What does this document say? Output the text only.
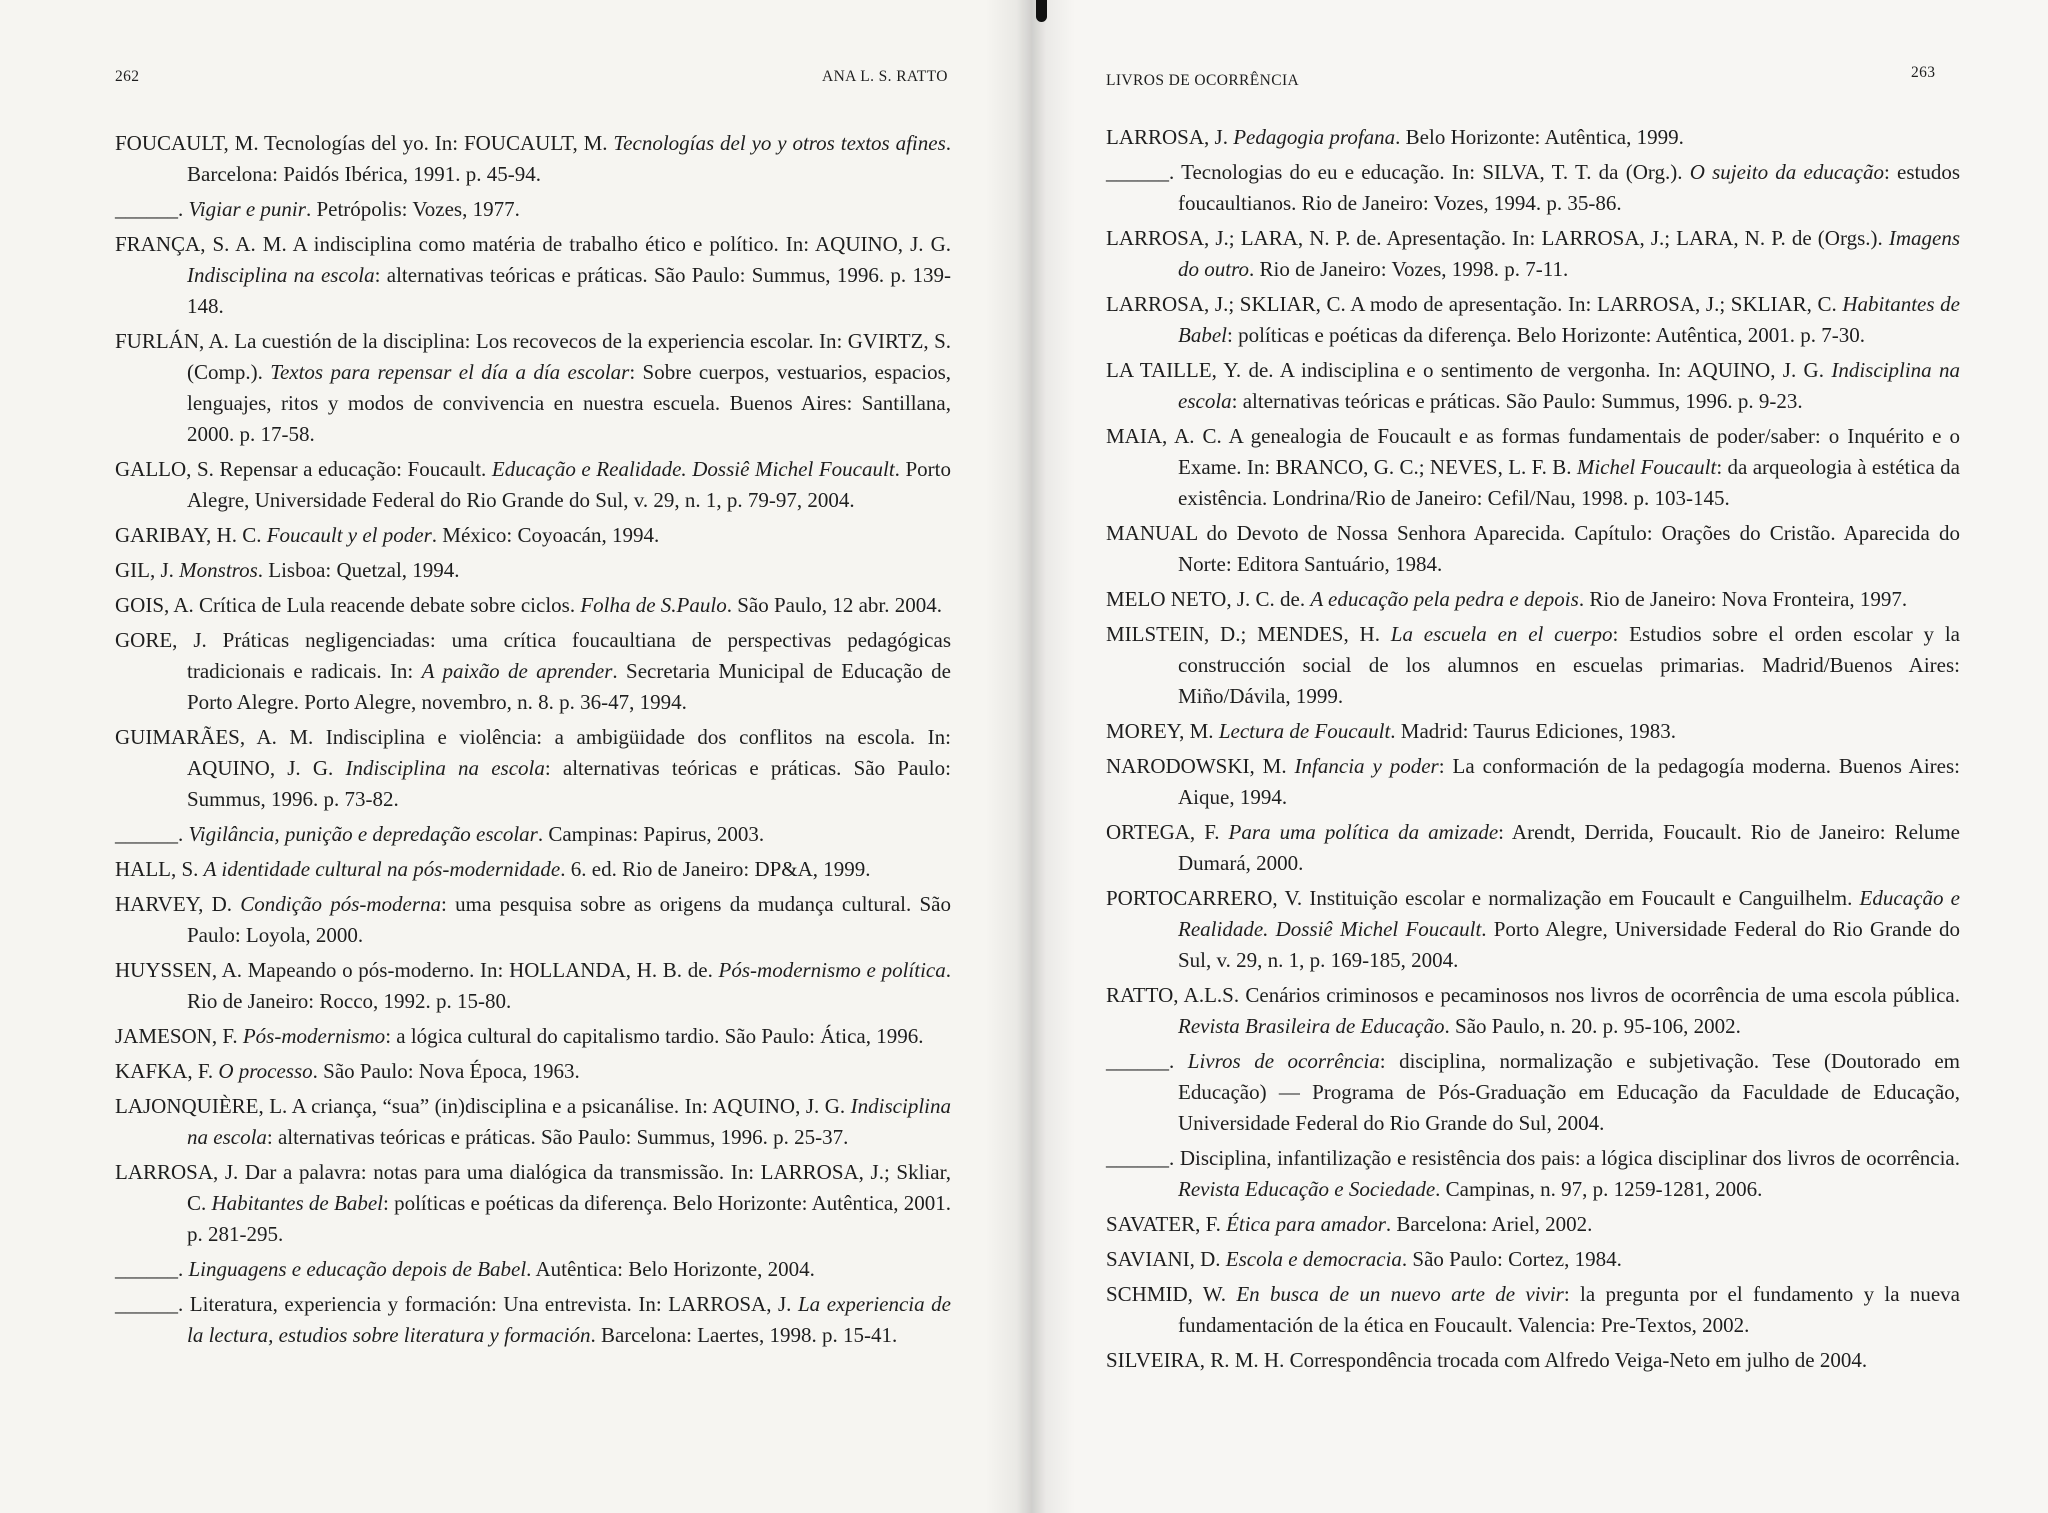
262	ANA L. S. RATTO
FOUCAULT, M. Tecnologías del yo. In: FOUCAULT, M. Tecnologías del yo y otros textos afines. Barcelona: Paidós Ibérica, 1991. p. 45-94.
______. Vigiar e punir. Petrópolis: Vozes, 1977.
FRANÇA, S. A. M. A indisciplina como matéria de trabalho ético e político. In: AQUINO, J. G. Indisciplina na escola: alternativas teóricas e práticas. São Paulo: Summus, 1996. p. 139-148.
FURLÁN, A. La cuestión de la disciplina: Los recovecos de la experiencia escolar. In: GVIRTZ, S. (Comp.). Textos para repensar el día a día escolar: Sobre cuerpos, vestuarios, espacios, lenguajes, ritos y modos de convivencia en nuestra escuela. Buenos Aires: Santillana, 2000. p. 17-58.
GALLO, S. Repensar a educação: Foucault. Educação e Realidade. Dossiê Michel Foucault. Porto Alegre, Universidade Federal do Rio Grande do Sul, v. 29, n. 1, p. 79-97, 2004.
GARIBAY, H. C. Foucault y el poder. México: Coyoacán, 1994.
GIL, J. Monstros. Lisboa: Quetzal, 1994.
GOIS, A. Crítica de Lula reacende debate sobre ciclos. Folha de S.Paulo. São Paulo, 12 abr. 2004.
GORE, J. Práticas negligenciadas: uma crítica foucaultiana de perspectivas pedagógicas tradicionais e radicais. In: A paixão de aprender. Secretaria Municipal de Educação de Porto Alegre. Porto Alegre, novembro, n. 8. p. 36-47, 1994.
GUIMARÃES, A. M. Indisciplina e violência: a ambigüidade dos conflitos na escola. In: AQUINO, J. G. Indisciplina na escola: alternativas teóricas e práticas. São Paulo: Summus, 1996. p. 73-82.
______. Vigilância, punição e depredação escolar. Campinas: Papirus, 2003.
HALL, S. A identidade cultural na pós-modernidade. 6. ed. Rio de Janeiro: DP&A, 1999.
HARVEY, D. Condição pós-moderna: uma pesquisa sobre as origens da mudança cultural. São Paulo: Loyola, 2000.
HUYSSEN, A. Mapeando o pós-moderno. In: HOLLANDA, H. B. de. Pós-modernismo e política. Rio de Janeiro: Rocco, 1992. p. 15-80.
JAMESON, F. Pós-modernismo: a lógica cultural do capitalismo tardio. São Paulo: Ática, 1996.
KAFKA, F. O processo. São Paulo: Nova Época, 1963.
LAJONQUIÈRE, L. A criança, “sua” (in)disciplina e a psicanálise. In: AQUINO, J. G. Indisciplina na escola: alternativas teóricas e práticas. São Paulo: Summus, 1996. p. 25-37.
LARROSA, J. Dar a palavra: notas para uma dialógica da transmissão. In: LARROSA, J.; Skliar, C. Habitantes de Babel: políticas e poéticas da diferença. Belo Horizonte: Autêntica, 2001. p. 281-295.
______. Linguagens e educação depois de Babel. Autêntica: Belo Horizonte, 2004.
______. Literatura, experiencia y formación: Una entrevista. In: LARROSA, J. La experiencia de la lectura, estudios sobre literatura y formación. Barcelona: Laertes, 1998. p. 15-41.
LIVROS DE OCORRÊNCIA	263
LARROSA, J. Pedagogia profana. Belo Horizonte: Autêntica, 1999.
______. Tecnologias do eu e educação. In: SILVA, T. T. da (Org.). O sujeito da educação: estudos foucaultianos. Rio de Janeiro: Vozes, 1994. p. 35-86.
LARROSA, J.; LARA, N. P. de. Apresentação. In: LARROSA, J.; LARA, N. P. de (Orgs.). Imagens do outro. Rio de Janeiro: Vozes, 1998. p. 7-11.
LARROSA, J.; SKLIAR, C. A modo de apresentação. In: LARROSA, J.; SKLIAR, C. Habitantes de Babel: políticas e poéticas da diferença. Belo Horizonte: Autêntica, 2001. p. 7-30.
LA TAILLE, Y. de. A indisciplina e o sentimento de vergonha. In: AQUINO, J. G. Indisciplina na escola: alternativas teóricas e práticas. São Paulo: Summus, 1996. p. 9-23.
MAIA, A. C. A genealogia de Foucault e as formas fundamentais de poder/saber: o Inquérito e o Exame. In: BRANCO, G. C.; NEVES, L. F. B. Michel Foucault: da arqueologia à estética da existência. Londrina/Rio de Janeiro: Cefil/Nau, 1998. p. 103-145.
MANUAL do Devoto de Nossa Senhora Aparecida. Capítulo: Orações do Cristão. Aparecida do Norte: Editora Santuário, 1984.
MELO NETO, J. C. de. A educação pela pedra e depois. Rio de Janeiro: Nova Fronteira, 1997.
MILSTEIN, D.; MENDES, H. La escuela en el cuerpo: Estudios sobre el orden escolar y la construcción social de los alumnos en escuelas primarias. Madrid/Buenos Aires: Miño/Dávila, 1999.
MOREY, M. Lectura de Foucault. Madrid: Taurus Ediciones, 1983.
NARODOWSKI, M. Infancia y poder: La conformación de la pedagogía moderna. Buenos Aires: Aique, 1994.
ORTEGA, F. Para uma política da amizade: Arendt, Derrida, Foucault. Rio de Janeiro: Relume Dumará, 2000.
PORTOCARRERO, V. Instituição escolar e normalização em Foucault e Canguilhelm. Educação e Realidade. Dossiê Michel Foucault. Porto Alegre, Universidade Federal do Rio Grande do Sul, v. 29, n. 1, p. 169-185, 2004.
RATTO, A.L.S. Cenários criminosos e pecaminosos nos livros de ocorrência de uma escola pública. Revista Brasileira de Educação. São Paulo, n. 20. p. 95-106, 2002.
______. Livros de ocorrência: disciplina, normalização e subjetivação. Tese (Doutorado em Educação) — Programa de Pós-Graduação em Educação da Faculdade de Educação, Universidade Federal do Rio Grande do Sul, 2004.
______. Disciplina, infantilização e resistência dos pais: a lógica disciplinar dos livros de ocorrência. Revista Educação e Sociedade. Campinas, n. 97, p. 1259-1281, 2006.
SAVATER, F. Ética para amador. Barcelona: Ariel, 2002.
SAVIANI, D. Escola e democracia. São Paulo: Cortez, 1984.
SCHMID, W. En busca de un nuevo arte de vivir: la pregunta por el fundamento y la nueva fundamentación de la ética en Foucault. Valencia: Pre-Textos, 2002.
SILVEIRA, R. M. H. Correspondência trocada com Alfredo Veiga-Neto em julho de 2004.
